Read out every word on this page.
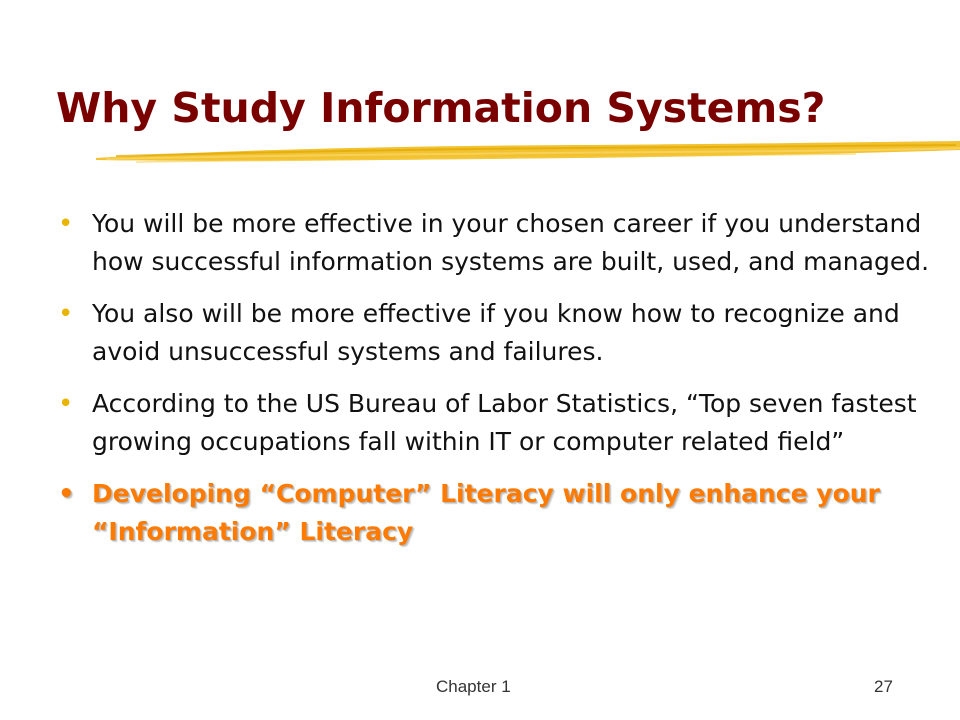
Why Study Information Systems?
• You will be more effective in your chosen career if you understand how successful information systems are built, used, and managed.
• You also will be more effective if you know how to recognize and avoid unsuccessful systems and failures.
• According to the US Bureau of Labor Statistics, “Top seven fastest growing occupations fall within IT or computer related field”
• Developing “Computer” Literacy will only enhance your “Information” Literacy
Chapter 1	27
